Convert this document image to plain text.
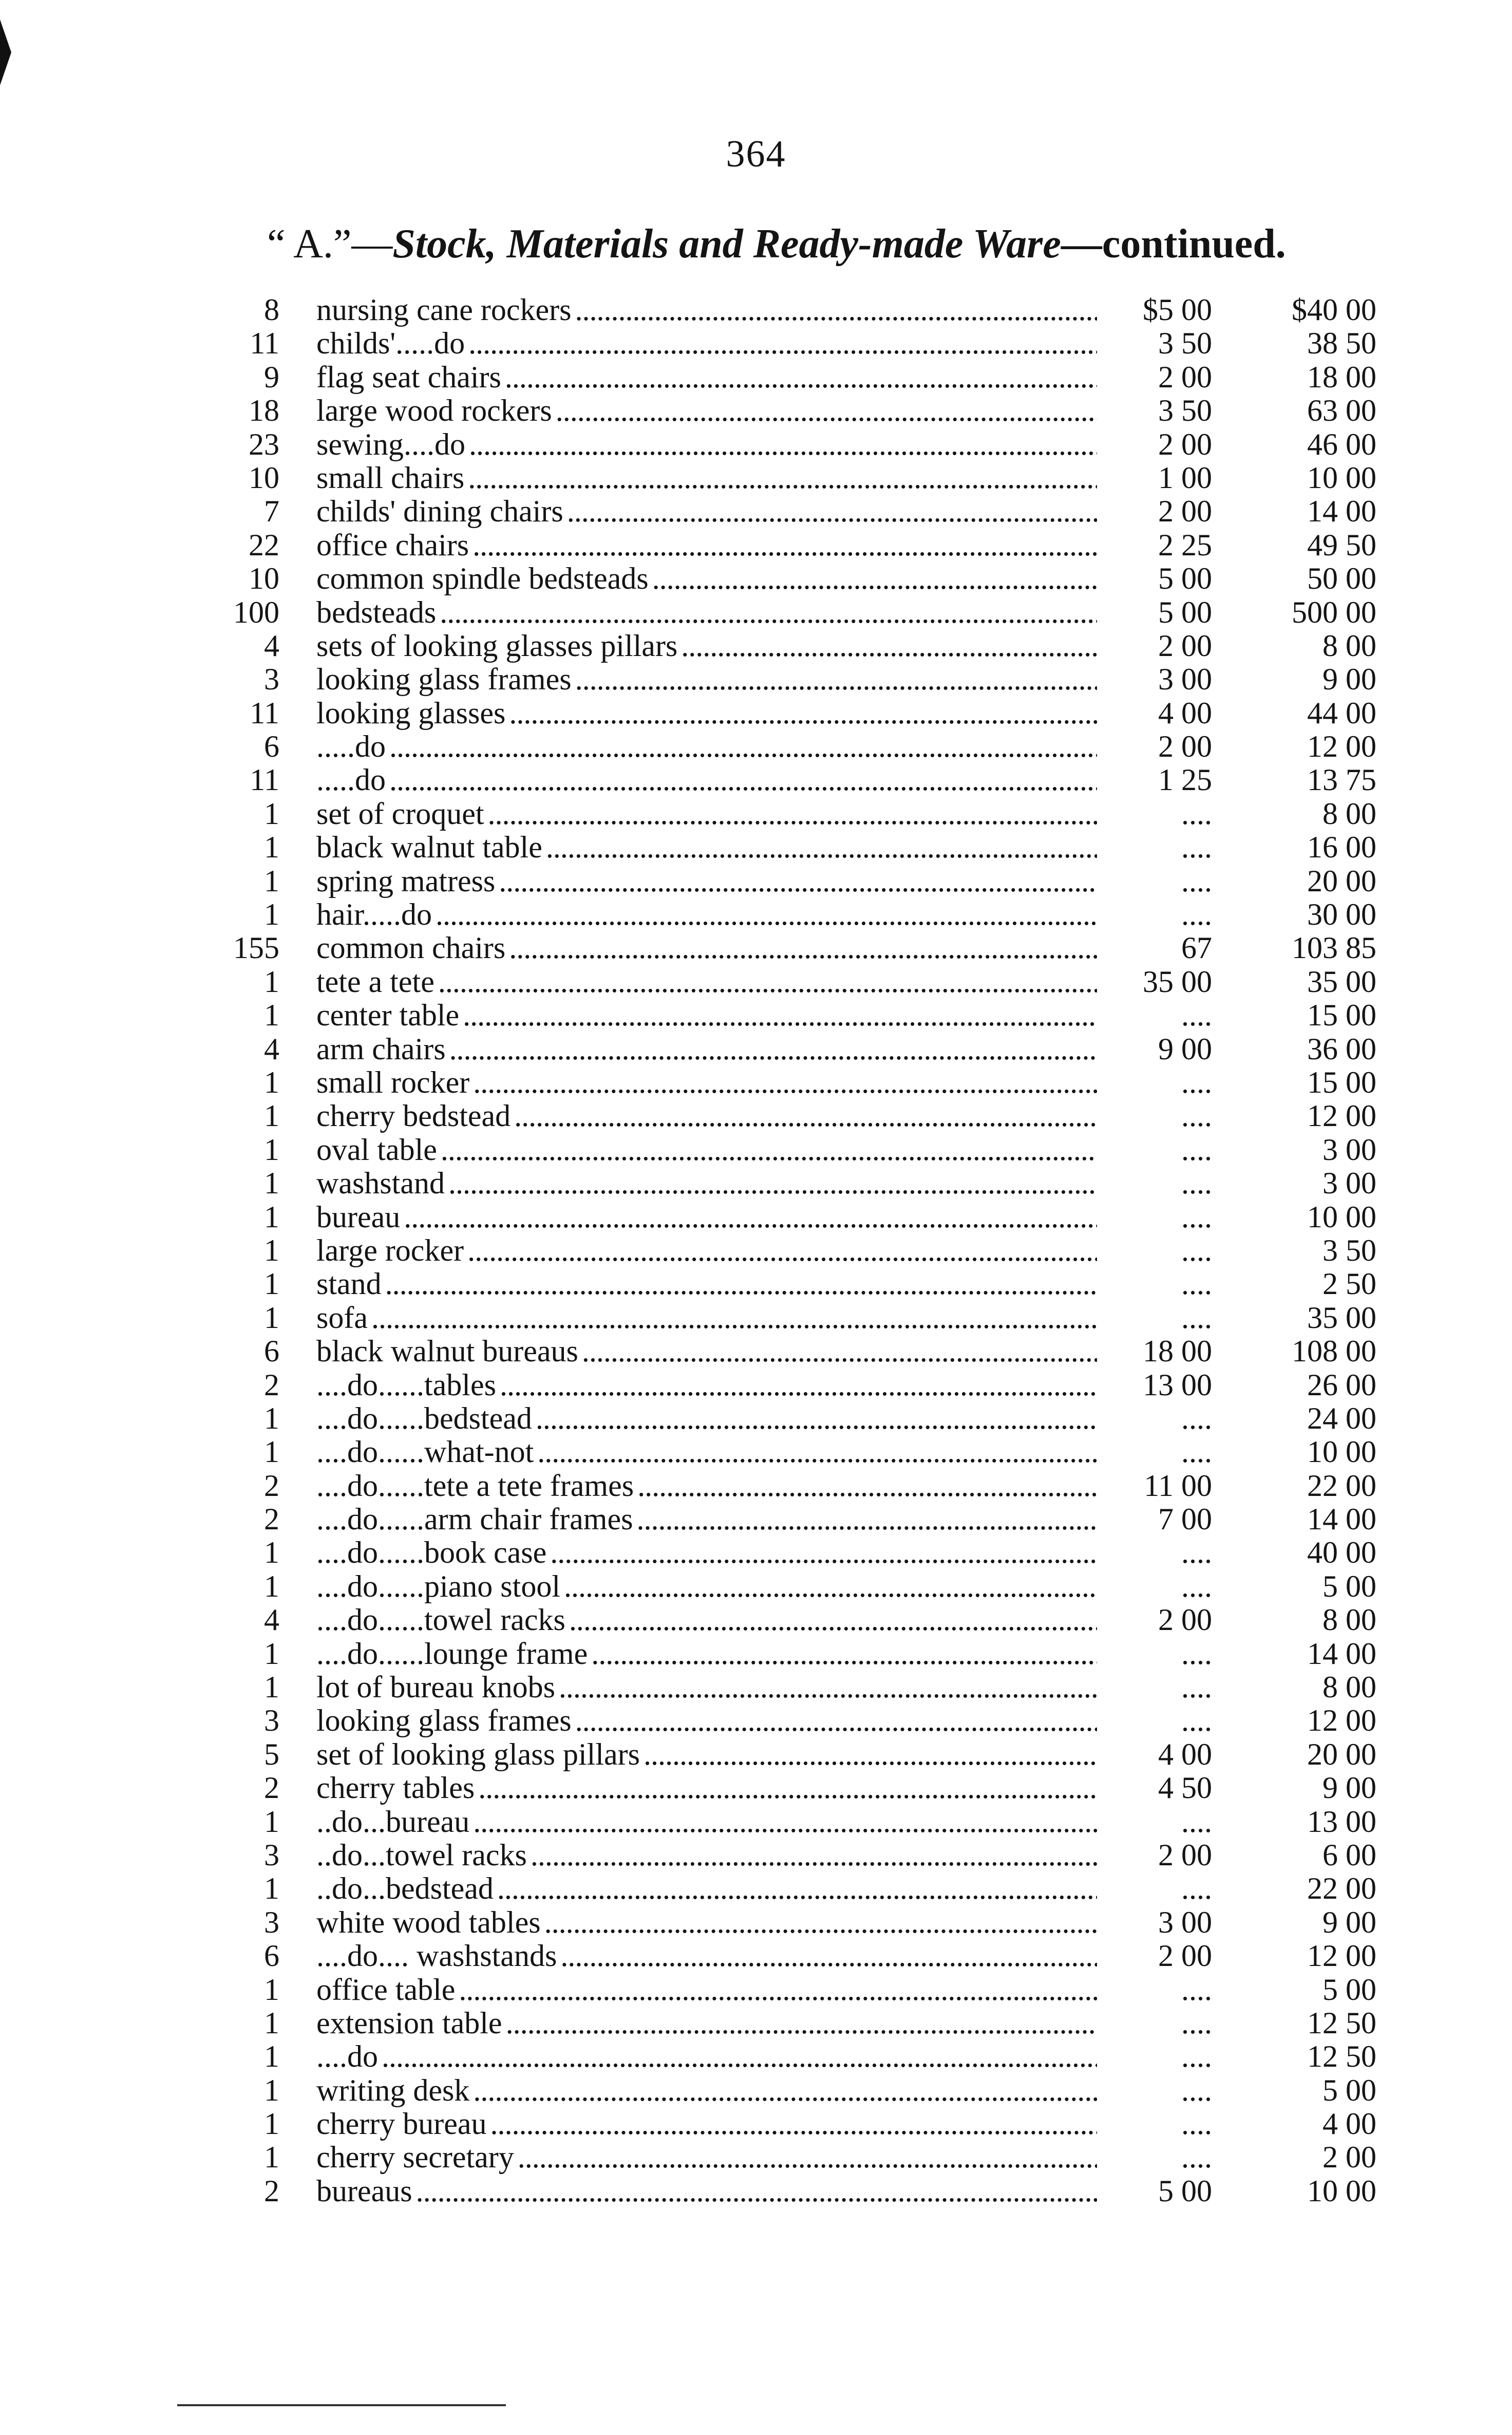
364
“ A.”—Stock, Materials and Ready-made Ware—continued.
8 nursing cane rockers . . .	$5 00	$40 00
11 childs'.....do . . .	3 50	38 50
9 flag seat chairs . . .	2 00	18 00
18 large wood rockers . . .	3 50	63 00
23 sewing....do . . .	2 00	46 00
10 small chairs . . .	1 00	10 00
7 childs' dining chairs . . .	2 00	14 00
22 office chairs . . .	2 25	49 50
10 common spindle bedsteads . . .	5 00	50 00
100 bedsteads . . .	5 00	500 00
4 sets of looking glasses pillars . . .	2 00	8 00
3 looking glass frames . . .	3 00	9 00
11 looking glasses . . .	4 00	44 00
6 .....do . . .	2 00	12 00
11 .....do . . .	1 25	13 75
1 set of croquet . . .	....	8 00
1 black walnut table . . .	....	16 00
1 spring matress . . .	....	20 00
1 hair.....do . . .	....	30 00
155 common chairs . . .	67	103 85
1 tete a tete . . .	35 00	35 00
1 center table . . .	....	15 00
4 arm chairs . . .	9 00	36 00
1 small rocker . . .	....	15 00
1 cherry bedstead . . .	....	12 00
1 oval table . . .	....	3 00
1 washstand . . .	....	3 00
1 bureau . . .	....	10 00
1 large rocker . . .	....	3 50
1 stand . . .	....	2 50
1 sofa . . .	....	35 00
6 black walnut bureaus . . .	18 00	108 00
2 ....do......tables . . .	13 00	26 00
1 ....do......bedstead . . .	....	24 00
1 ....do......what-not . . .	....	10 00
2 ....do......tete a tete frames . . .	11 00	22 00
2 ....do......arm chair frames . . .	7 00	14 00
1 ....do......book case . . .	....	40 00
1 ....do......piano stool . . .	....	5 00
4 ....do......towel racks . . .	2 00	8 00
1 ....do......lounge frame . . .	....	14 00
1 lot of bureau knobs . . .	....	8 00
3 looking glass frames . . .	....	12 00
5 set of looking glass pillars . . .	4 00	20 00
2 cherry tables . . .	4 50	9 00
1 ..do...bureau . . .	....	13 00
3 ..do...towel racks . . .	2 00	6 00
1 ..do...bedstead . . .	....	22 00
3 white wood tables . . .	3 00	9 00
6 ....do.... washstands . . .	2 00	12 00
1 office table . . .	....	5 00
1 extension table . . .	....	12 50
1 ....do . . .	....	12 50
1 writing desk . . .	....	5 00
1 cherry bureau . . .	....	4 00
1 cherry secretary . . .	....	2 00
2 bureaus . . .	5 00	10 00
